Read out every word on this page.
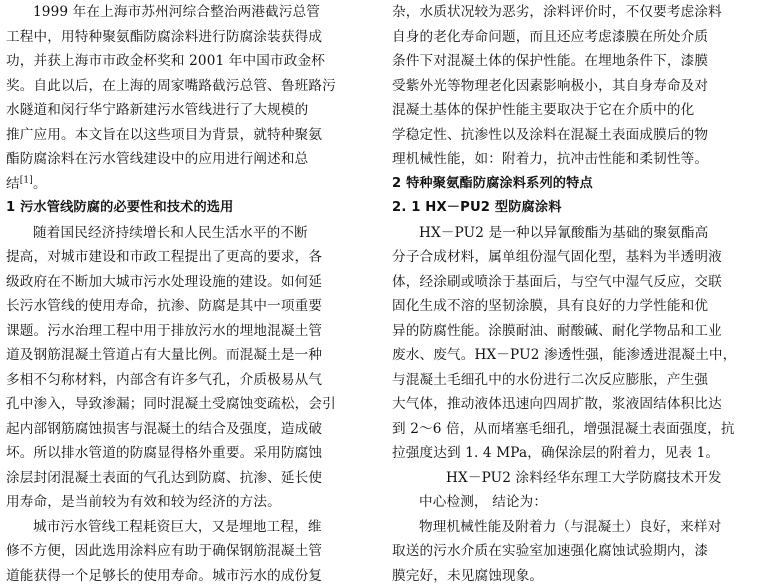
1999 年在上海市苏州河综合整治两港截污总管
工程中，用特种聚氨酯防腐涂料进行防腐涂装获得成
功，并获上海市市政金杯奖和 2001 年中国市政金杯
奖。自此以后，在上海的周家嘴路截污总管、鲁班路污
水隧道和闵行华宁路新建污水管线进行了大规模的
推广应用。本文旨在以这些项目为背景，就特种聚氨
酯防腐涂料在污水管线建设中的应用进行阐述和总
结[1]。
1 污水管线防腐的必要性和技术的选用
随着国民经济持续增长和人民生活水平的不断
提高，对城市建设和市政工程提出了更高的要求，各
级政府在不断加大城市污水处理设施的建设。如何延
长污水管线的使用寿命，抗渗、防腐是其中一项重要
课题。污水治理工程中用于排放污水的埋地混凝土管
道及钢筋混凝土管道占有大量比例。而混凝土是一种
多相不匀称材料，内部含有许多气孔，介质极易从气
孔中渗入，导致渗漏；同时混凝土受腐蚀变疏松，会引
起内部钢筋腐蚀损害与混凝土的结合及强度，造成破
坏。所以排水管道的防腐显得格外重要。采用防腐蚀
涂层封闭混凝土表面的气孔达到防腐、抗渗、延长使
用寿命，是当前较为有效和较为经济的方法。
城市污水管线工程耗资巨大，又是埋地工程，维
修不方便，因此选用涂料应有助于确保钢筋混凝土管
道能获得一个足够长的使用寿命。城市污水的成份复
杂，水质状况较为恶劣，涂料评价时，不仅要考虑涂料
自身的老化寿命问题，而且还应考虑漆膜在所处介质
条件下对混凝土体的保护性能。在埋地条件下，漆膜
受紫外光等物理老化因素影响极小，其自身寿命及对
混凝土基体的保护性能主要取决于它在介质中的化
学稳定性、抗渗性以及涂料在混凝土表面成膜后的物
理机械性能，如：附着力，抗冲击性能和柔韧性等。
2 特种聚氨酯防腐涂料系列的特点
2. 1 HX－PU2 型防腐涂料
HX－PU2 是一种以异氰酸酯为基础的聚氨酯高
分子合成材料，属单组份湿气固化型，基料为半透明液
体，经涂刷或喷涂于基面后，与空气中湿气反应，交联
固化生成不溶的坚韧涂膜，具有良好的力学性能和优
异的防腐性能。涂膜耐油、耐酸碱、耐化学物品和工业
废水、废气。HX－PU2 渗透性强，能渗透进混凝土中，
与混凝土毛细孔中的水份进行二次反应膨胀，产生强
大气体，推动液体迅速向四周扩散，浆液固结体积比达
到 2～6 倍，从而堵塞毛细孔，增强混凝土表面强度，抗
拉强度达到 1. 4 MPa，确保涂层的附着力，见表 1。
HX－PU2 涂料经华东理工大学防腐技术开发
中心检测， 结论为：
物理机械性能及附着力（与混凝土）良好，来样对
取送的污水介质在实验室加速强化腐蚀试验期内，漆
膜完好，未见腐蚀现象。
